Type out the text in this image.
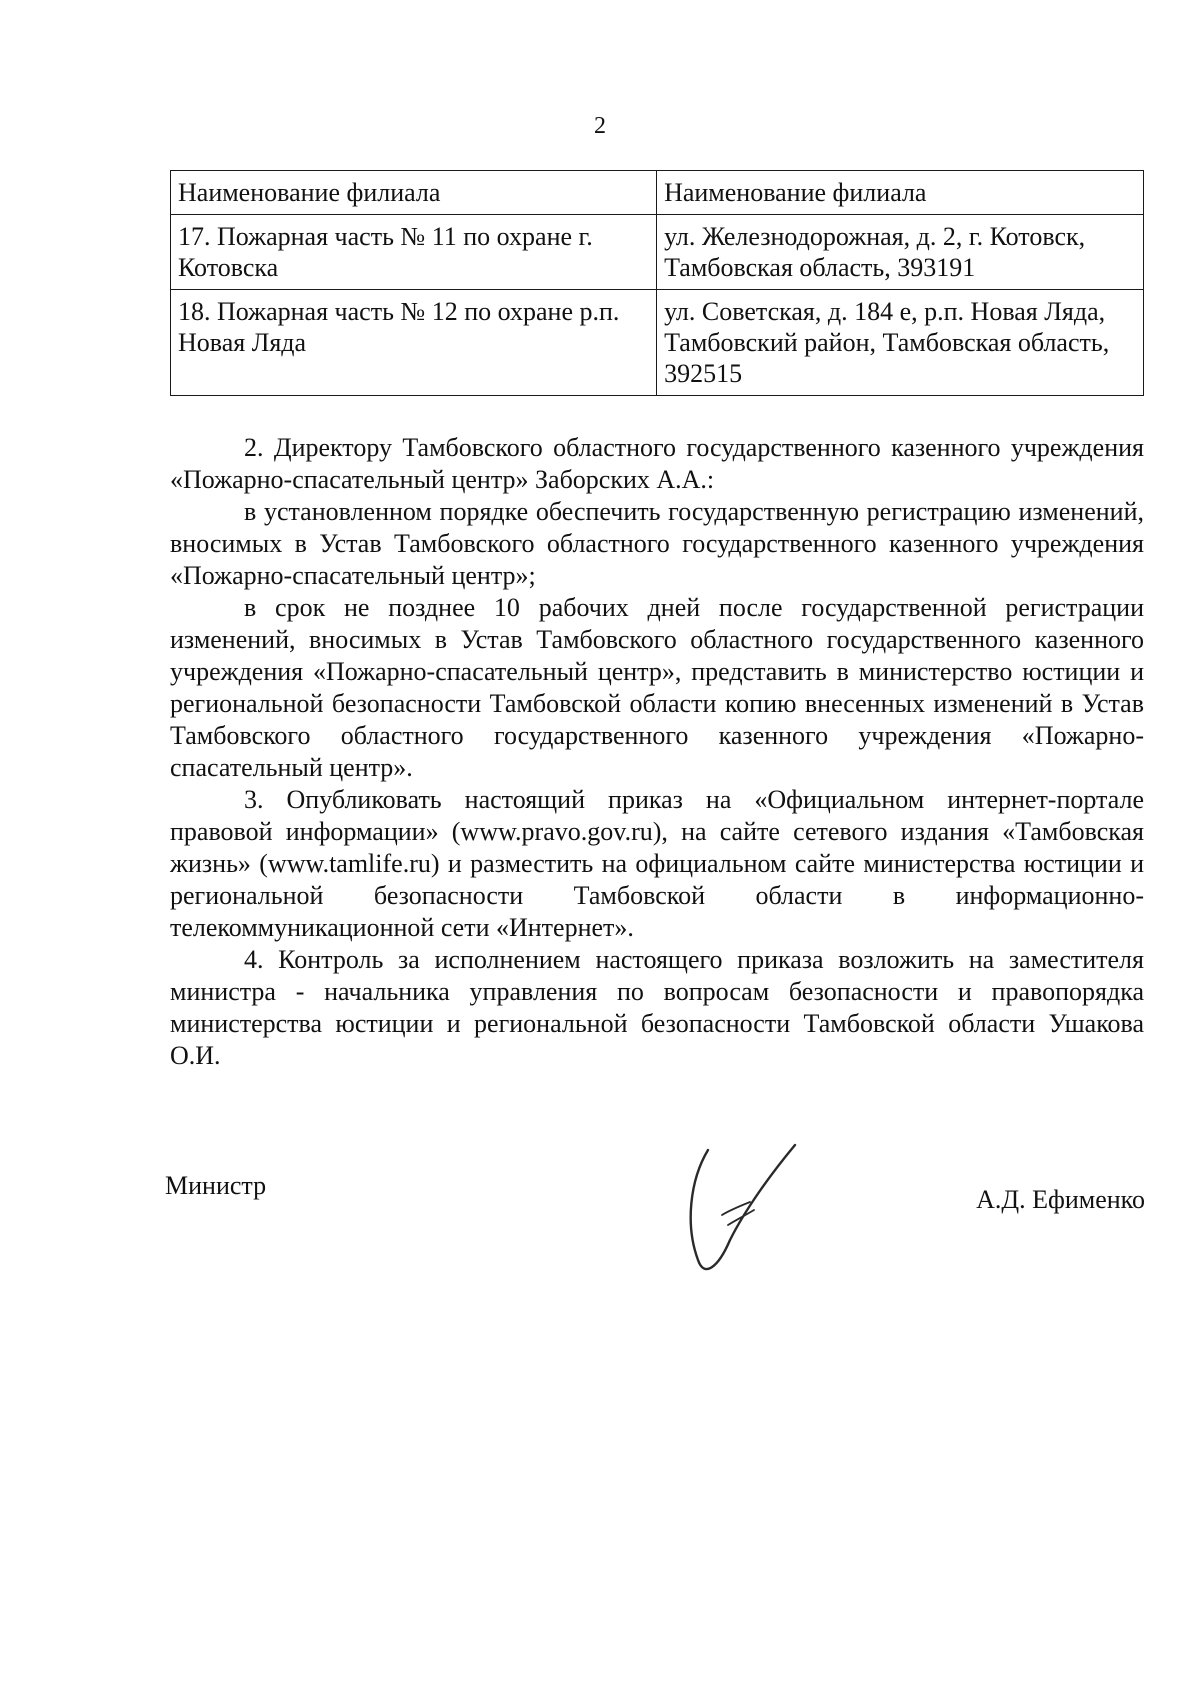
2
Наименование филиала	Наименование филиала
17. Пожарная часть № 11 по охране г. Котовска	ул. Железнодорожная, д. 2, г. Котовск, Тамбовская область, 393191
18. Пожарная часть № 12 по охране р.п. Новая Ляда	ул. Советская, д. 184 е, р.п. Новая Ляда, Тамбовский район, Тамбовская область, 392515

2. Директору Тамбовского областного государственного казенного учреждения «Пожарно-спасательный центр» Заборских А.А.:

в установленном порядке обеспечить государственную регистрацию изменений, вносимых в Устав Тамбовского областного государственного казенного учреждения «Пожарно-спасательный центр»;

в срок не позднее 10 рабочих дней после государственной регистрации изменений, вносимых в Устав Тамбовского областного государственного казенного учреждения «Пожарно-спасательный центр», представить в министерство юстиции и региональной безопасности Тамбовской области копию внесенных изменений в Устав Тамбовского областного государственного казенного учреждения «Пожарно-спасательный центр».

3. Опубликовать настоящий приказ на «Официальном интернет-портале правовой информации» (www.pravo.gov.ru), на сайте сетевого издания «Тамбовская жизнь» (www.tamlife.ru) и разместить на официальном сайте министерства юстиции и региональной безопасности Тамбовской области в информационно-телекоммуникационной сети «Интернет».

4. Контроль за исполнением настоящего приказа возложить на заместителя министра - начальника управления по вопросам безопасности и правопорядка министерства юстиции и региональной безопасности Тамбовской области Ушакова О.И.

Министр	А.Д. Ефименко
